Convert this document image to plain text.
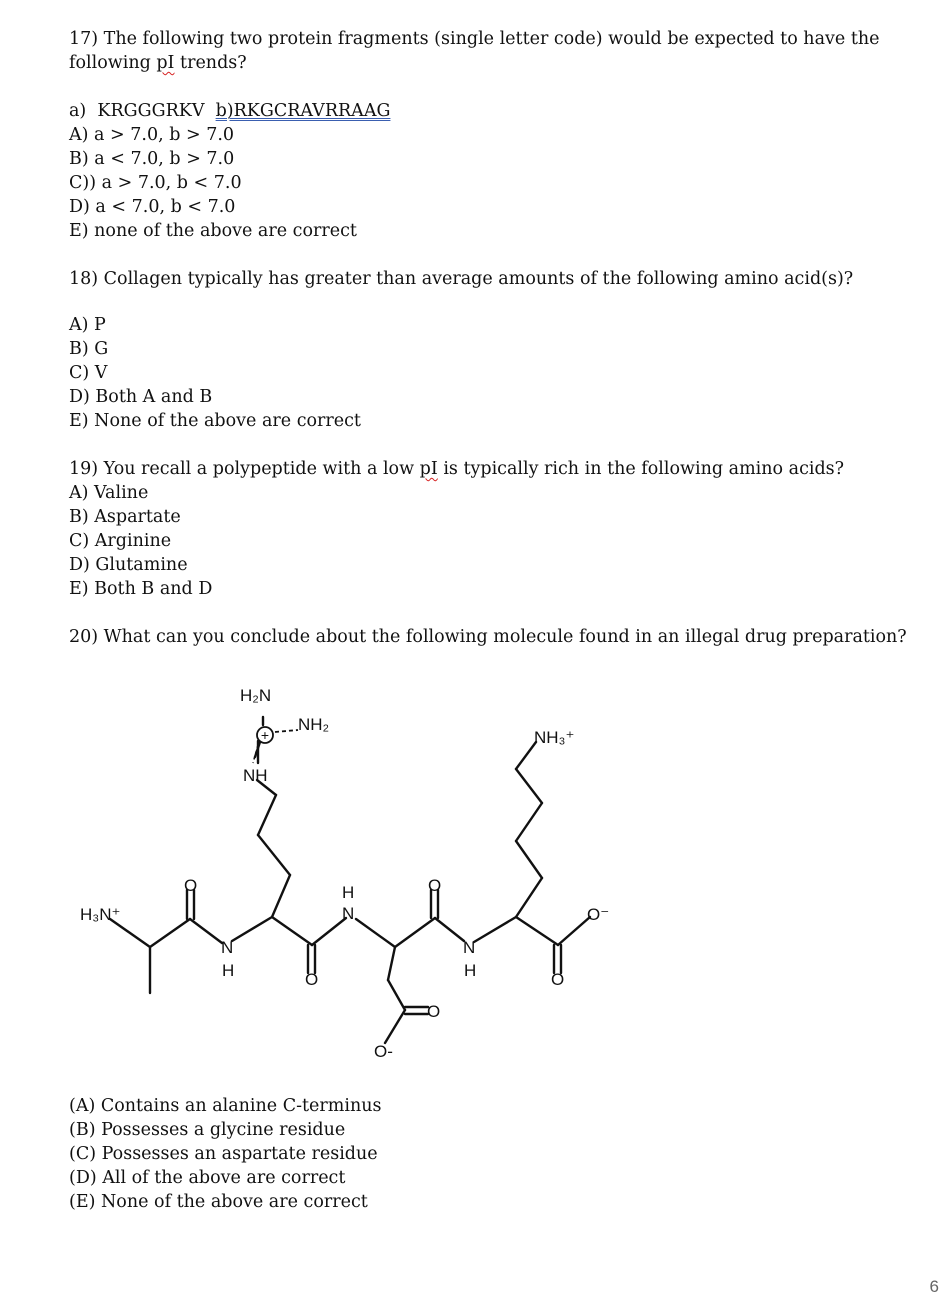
17) The following two protein fragments (single letter code) would be expected to have the
following pI trends?
a)  KRGGGRKV  b)RKGCRAVRRAAG
A) a > 7.0, b > 7.0
B) a < 7.0, b > 7.0
C)) a > 7.0, b < 7.0
D) a < 7.0, b < 7.0
E) none of the above are correct
18) Collagen typically has greater than average amounts of the following amino acid(s)?
A) P
B) G
C) V
D) Both A and B
E) None of the above are correct
19) You recall a polypeptide with a low pI is typically rich in the following amino acids?
A) Valine
B) Aspartate
C) Arginine
D) Glutamine
E) Both B and D
20) What can you conclude about the following molecule found in an illegal drug preparation?
+
H₂N
NH₂
NH
NH₃⁺
H₃N⁺
O
O
O
O
O-
O
O⁻
N
H
N
H
N
H
(A) Contains an alanine C-terminus
(B) Possesses a glycine residue
(C) Possesses an aspartate residue
(D) All of the above are correct
(E) None of the above are correct
6
